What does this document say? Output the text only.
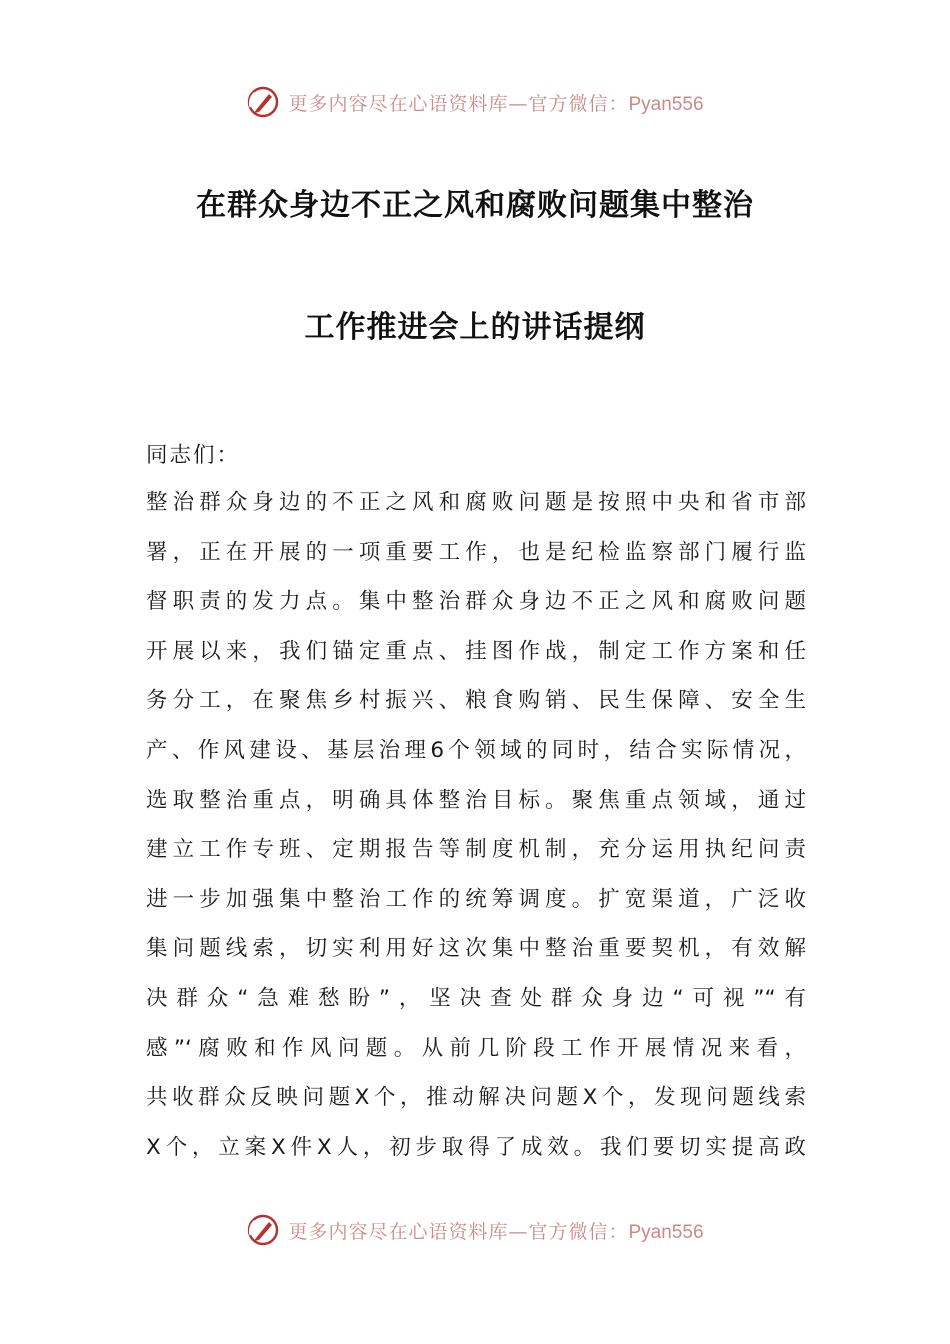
更多内容尽在心语资料库—官方微信：Pyan556
在群众身边不正之风和腐败问题集中整治
工作推进会上的讲话提纲
同志们：
整治群众身边的不正之风和腐败问题是按照中央和省市部
署，正在开展的一项重要工作，也是纪检监察部门履行监
督职责的发力点。集中整治群众身边不正之风和腐败问题
开展以来，我们锚定重点、挂图作战，制定工作方案和任
务分工，在聚焦乡村振兴、粮食购销、民生保障、安全生
产、作风建设、基层治理6个领域的同时，结合实际情况，
选取整治重点，明确具体整治目标。聚焦重点领域，通过
建立工作专班、定期报告等制度机制，充分运用执纪问责
进一步加强集中整治工作的统筹调度。扩宽渠道，广泛收
集问题线索，切实利用好这次集中整治重要契机，有效解
决群众“急难愁盼”，坚决查处群众身边“可视”“有
感”‘腐败和作风问题。从前几阶段工作开展情况来看，
共收群众反映问题X个，推动解决问题X个，发现问题线索
X个，立案X件X人，初步取得了成效。我们要切实提高政
更多内容尽在心语资料库—官方微信：Pyan556
